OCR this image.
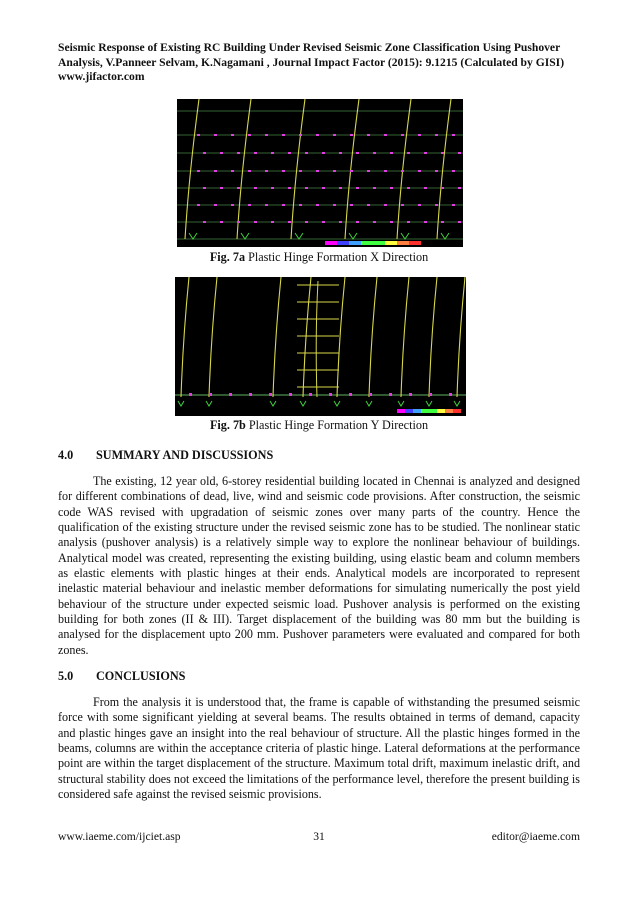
Seismic Response of Existing RC Building Under Revised Seismic Zone Classification Using Pushover
Analysis, V.Panneer Selvam, K.Nagamani , Journal Impact Factor (2015): 9.1215 (Calculated by GISI)
www.jifactor.com
Fig. 7a Plastic Hinge Formation X Direction
Fig. 7b Plastic Hinge Formation Y Direction
4.0 SUMMARY AND DISCUSSIONS

The existing, 12 year old, 6-storey residential building located in Chennai is analyzed and designed for different combinations of dead, live, wind and seismic code provisions. After construction, the seismic code WAS revised with upgradation of seismic zones over many parts of the country. Hence the qualification of the existing structure under the revised seismic zone has to be studied. The nonlinear static analysis (pushover analysis) is a relatively simple way to explore the nonlinear behaviour of buildings. Analytical model was created, representing the existing building, using elastic beam and column members as elastic elements with plastic hinges at their ends. Analytical models are incorporated to represent inelastic material behaviour and inelastic member deformations for simulating numerically the post yield behaviour of the structure under expected seismic load. Pushover analysis is performed on the existing building for both zones (II & III). Target displacement of the building was 80 mm but the building is analysed for the displacement upto 200 mm. Pushover parameters were evaluated and compared for both zones.

5.0 CONCLUSIONS

From the analysis it is understood that, the frame is capable of withstanding the presumed seismic force with some significant yielding at several beams. The results obtained in terms of demand, capacity and plastic hinges gave an insight into the real behaviour of structure. All the plastic hinges formed in the beams, columns are within the acceptance criteria of plastic hinge. Lateral deformations at the performance point are within the target displacement of the structure. Maximum total drift, maximum inelastic drift, and structural stability does not exceed the limitations of the performance level, therefore the present building is considered safe against the revised seismic provisions.

www.iaeme.com/ijciet.asp	31	editor@iaeme.com
